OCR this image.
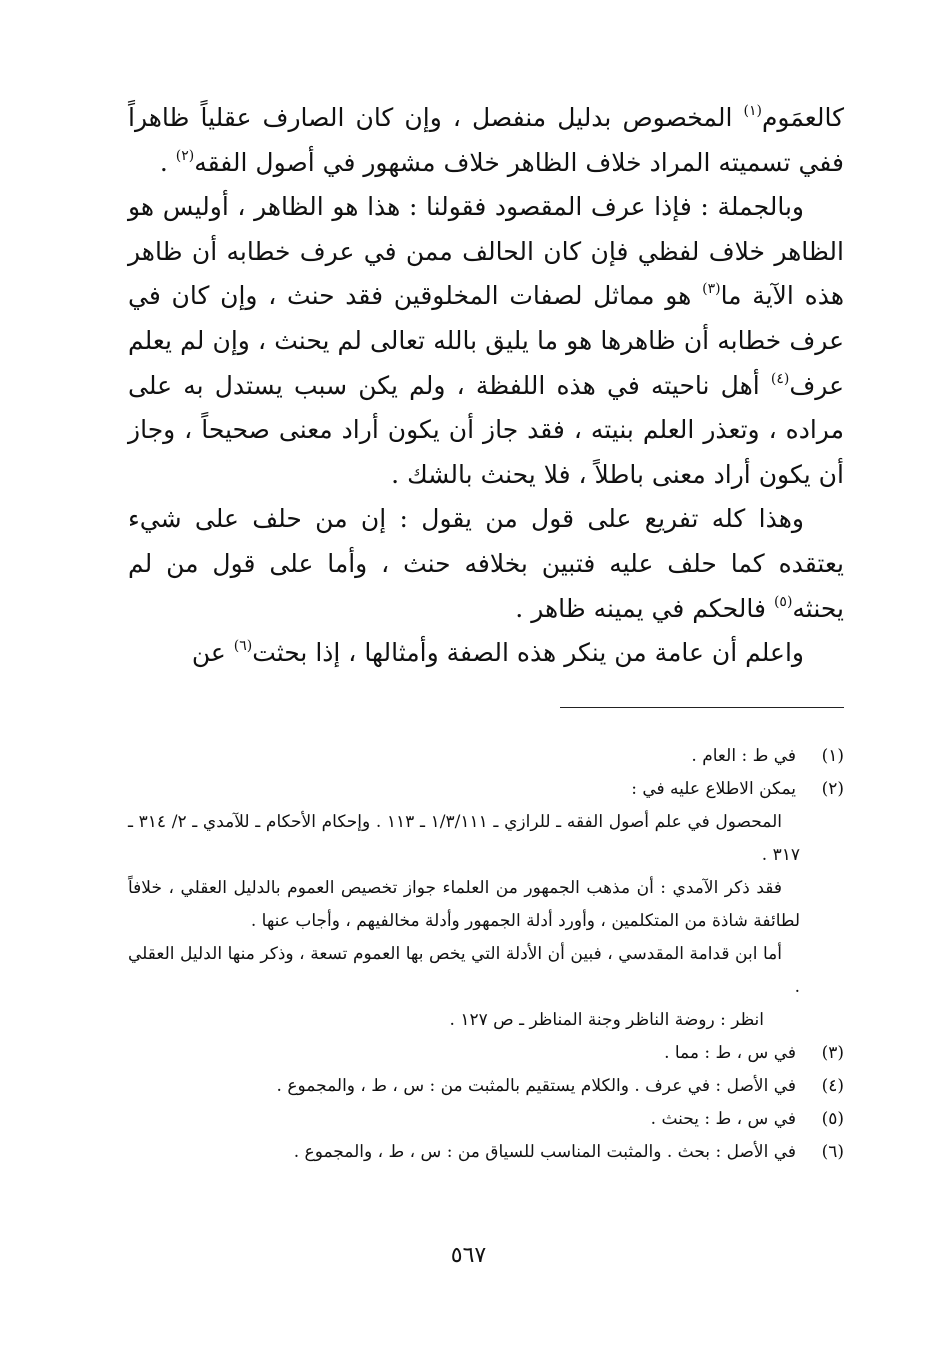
كالعمَوم$^{(١)}$ المخصوص بدليل منفصل ، وإن كان الصارف عقلياً ظاهراً ففي تسميته المراد خلاف الظاهر خلاف مشهور في أصول الفقه$^{(٢)}$ .

وبالجملة : فإذا عرف المقصود فقولنا : هذا هو الظاهر ، أوليس هو الظاهر خلاف لفظي فإن كان الحالف ممن في عرف خطابه أن ظاهر هذه الآية ما$^{(٣)}$ هو مماثل لصفات المخلوقين فقد حنث ، وإن كان في عرف خطابه أن ظاهرها هو ما يليق بالله تعالى لم يحنث ، وإن لم يعلم عرف$^{(٤)}$ أهل ناحيته في هذه اللفظة ، ولم يكن سبب يستدل به على مراده ، وتعذر العلم بنيته ، فقد جاز أن يكون أراد معنى صحيحاً ، وجاز أن يكون أراد معنى باطلاً ، فلا يحنث بالشك .

وهذا كله تفريع على قول من يقول : إن من حلف على شيء يعتقده كما حلف عليه فتبين بخلافه حنث ، وأما على قول من لم يحنثه$^{(٥)}$ فالحكم في يمينه ظاهر .

واعلم أن عامة من ينكر هذه الصفة وأمثالها ، إذا بحثت$^{(٦)}$ عن

(١)
في ط : العام .
(٢)
يمكن الاطلاع عليه في :
المحصول في علم أصول الفقه ـ للرازي ـ ١/٣/١١١ ـ ١١٣ . وإحكام الأحكام ـ للآمدي ـ ٢/ ٣١٤ ـ ٣١٧ .
فقد ذكر الآمدي : أن مذهب الجمهور من العلماء جواز تخصيص العموم بالدليل العقلي ، خلافاً لطائفة شاذة من المتكلمين ، وأورد أدلة الجمهور وأدلة مخالفيهم ، وأجاب عنها .
أما ابن قدامة المقدسي ، فبين أن الأدلة التي يخص بها العموم تسعة ، وذكر منها الدليل العقلي .
انظر : روضة الناظر وجنة المناظر ـ ص ١٢٧ .
(٣)
في س ، ط : مما .
(٤)
في الأصل : في عرف . والكلام يستقيم بالمثبت من : س ، ط ، والمجموع .
(٥)
في س ، ط : يحنث .
(٦)
في الأصل : بحث . والمثبت المناسب للسياق من : س ، ط ، والمجموع .
٥٦٧
